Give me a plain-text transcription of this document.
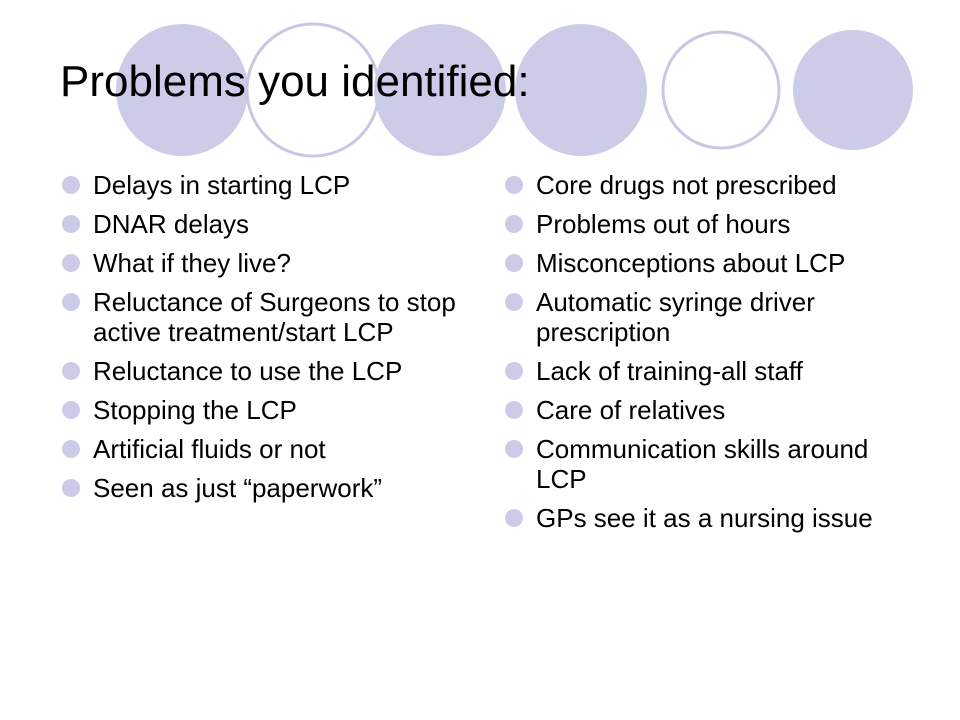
Problems you identified:
Delays in starting LCP
DNAR delays
What if they live?
Reluctance of Surgeons to stop active treatment/start LCP
Reluctance to use the LCP
Stopping the LCP
Artificial fluids or not
Seen as just “paperwork”
Core drugs not prescribed
Problems out of hours
Misconceptions about LCP
Automatic syringe driver prescription
Lack of training-all staff
Care of relatives
Communication skills around LCP
GPs see it as a nursing issue
